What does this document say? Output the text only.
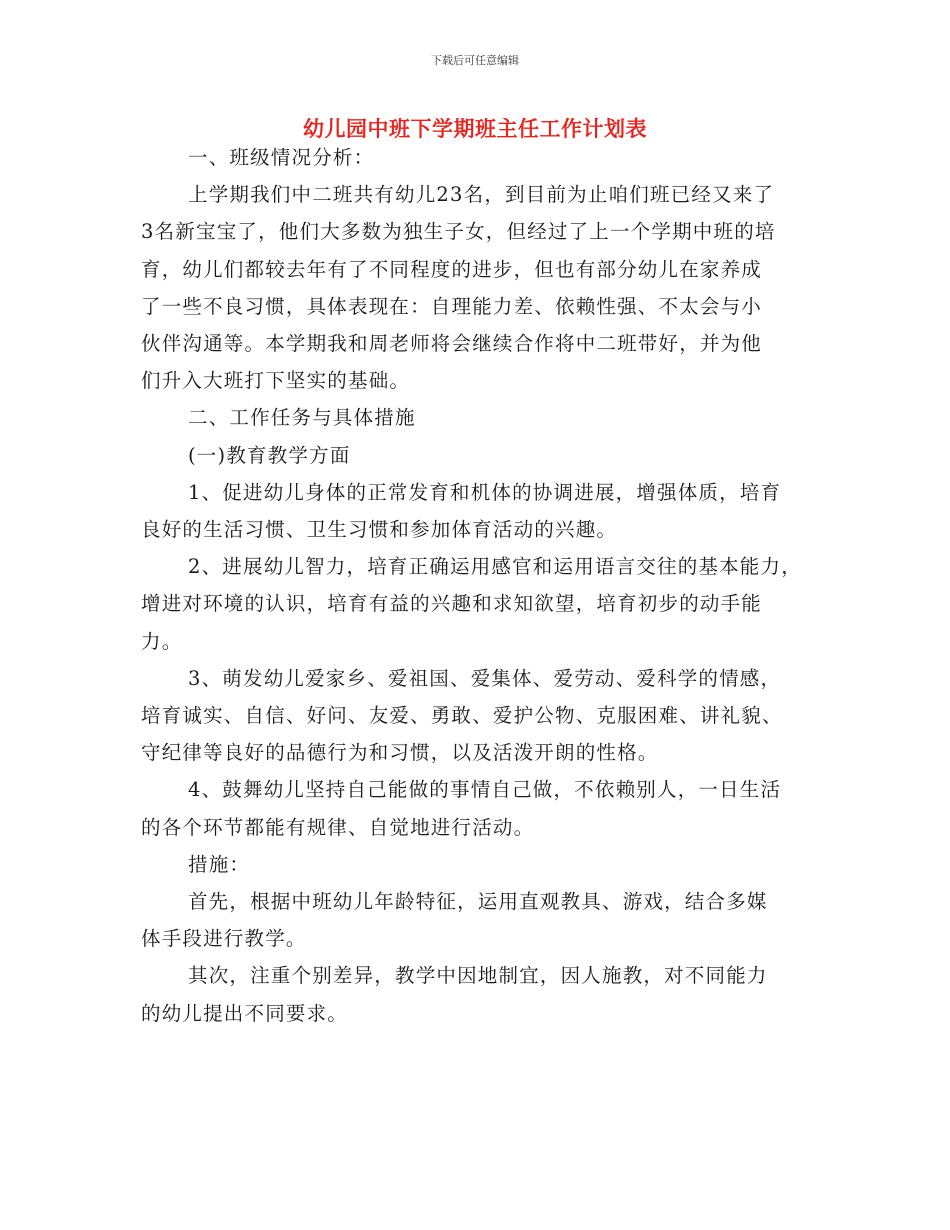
下载后可任意编辑

幼儿园中班下学期班主任工作计划表

一、班级情况分析：

上学期我们中二班共有幼儿23名，到目前为止咱们班已经又来了

3名新宝宝了，他们大多数为独生子女，但经过了上一个学期中班的培

育，幼儿们都较去年有了不同程度的进步，但也有部分幼儿在家养成

了一些不良习惯，具体表现在：自理能力差、依赖性强、不太会与小

伙伴沟通等。本学期我和周老师将会继续合作将中二班带好，并为他

们升入大班打下坚实的基础。

二、工作任务与具体措施

(一)教育教学方面

1、促进幼儿身体的正常发育和机体的协调进展，增强体质，培育

良好的生活习惯、卫生习惯和参加体育活动的兴趣。

2、进展幼儿智力，培育正确运用感官和运用语言交往的基本能力，

增进对环境的认识，培育有益的兴趣和求知欲望，培育初步的动手能

力。

3、萌发幼儿爱家乡、爱祖国、爱集体、爱劳动、爱科学的情感，

培育诚实、自信、好问、友爱、勇敢、爱护公物、克服困难、讲礼貌、

守纪律等良好的品德行为和习惯，以及活泼开朗的性格。

4、鼓舞幼儿坚持自己能做的事情自己做，不依赖别人，一日生活

的各个环节都能有规律、自觉地进行活动。

措施：

首先，根据中班幼儿年龄特征，运用直观教具、游戏，结合多媒

体手段进行教学。

其次，注重个别差异，教学中因地制宜，因人施教，对不同能力

的幼儿提出不同要求。
